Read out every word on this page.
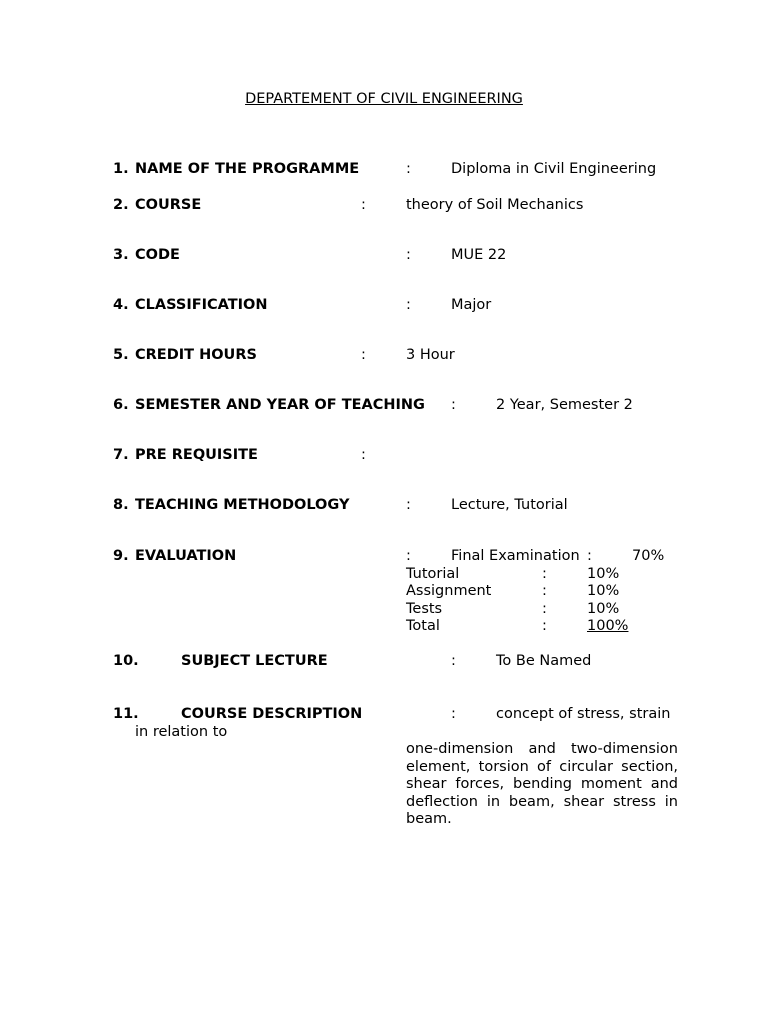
DEPARTEMENT OF CIVIL ENGINEERING
1. NAME OF THE PROGRAMME	:	Diploma in Civil Engineering
2. COURSE	:	theory of Soil Mechanics
3. CODE	:	MUE 22
4. CLASSIFICATION	:	Major
5. CREDIT HOURS	:	3 Hour
6. SEMESTER AND YEAR OF TEACHING :	2 Year, Semester 2
7. PRE REQUISITE	:
8. TEACHING METHODOLOGY	:	Lecture, Tutorial
9. EVALUATION	:	Final Examination :	70%
Tutorial	:	10%
Assignment	:	10%
Tests	:	10%
Total	:	100%
10.	SUBJECT LECTURE	:	To Be Named
11.	COURSE DESCRIPTION	:	concept of stress, strain
in relation to
one-dimension and two-dimension element, torsion of circular section, shear forces, bending moment and deflection in beam, shear stress in beam.
